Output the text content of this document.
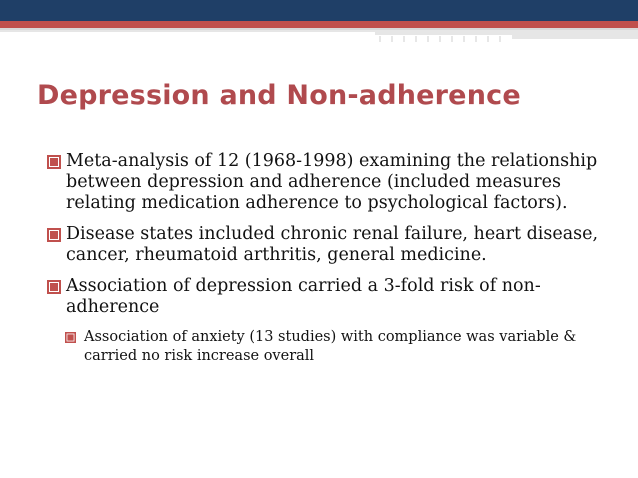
Depression and Non-adherence
Meta-analysis of 12 (1968-1998) examining the relationship between depression and adherence (included measures relating medication adherence to psychological factors).
Disease states included chronic renal failure, heart disease, cancer, rheumatoid arthritis, general medicine.
Association of depression carried a 3-fold risk of non-adherence
Association of anxiety (13 studies) with compliance was variable & carried no risk increase overall
